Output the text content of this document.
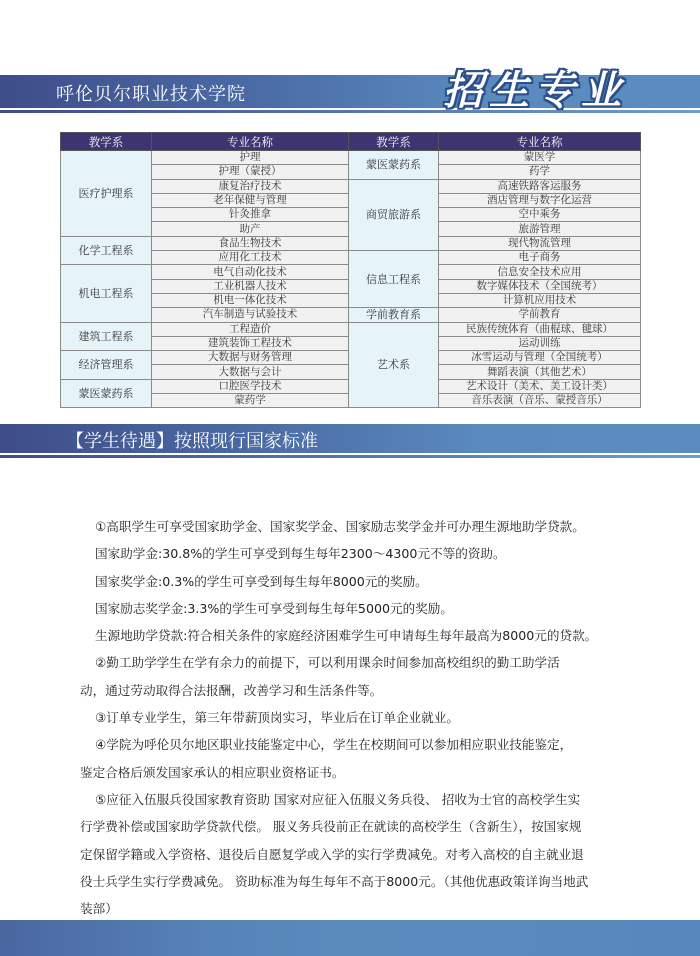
呼伦贝尔职业技术学院	招生专业
教学系	专业名称	教学系	专业名称
医疗护理系	护理	蒙医蒙药系	蒙医学
	护理（蒙授）		药学
	康复治疗技术	商贸旅游系	高速铁路客运服务
	老年保健与管理		酒店管理与数字化运营
	针灸推拿		空中乘务
	助产		旅游管理
化学工程系	食品生物技术		现代物流管理
	应用化工技术	信息工程系	电子商务
机电工程系	电气自动化技术		信息安全技术应用
	工业机器人技术		数字媒体技术（全国统考）
	机电一体化技术		计算机应用技术
	汽车制造与试验技术	学前教育系	学前教育
建筑工程系	工程造价	艺术系	民族传统体育（曲棍球、毽球）
	建筑装饰工程技术		运动训练
经济管理系	大数据与财务管理		冰雪运动与管理（全国统考）
	大数据与会计		舞蹈表演（其他艺术）
蒙医蒙药系	口腔医学技术		艺术设计（美术、美工设计类）
	蒙药学		音乐表演（音乐、蒙授音乐）
【学生待遇】按照现行国家标准
①高职学生可享受国家助学金、国家奖学金、国家励志奖学金并可办理生源地助学贷款。
国家助学金:30.8%的学生可享受到每生每年2300～4300元不等的资助。
国家奖学金:0.3%的学生可享受到每生每年8000元的奖励。
国家励志奖学金:3.3%的学生可享受到每生每年5000元的奖励。
生源地助学贷款:符合相关条件的家庭经济困难学生可申请每生每年最高为8000元的贷款。
②勤工助学学生在学有余力的前提下，可以利用课余时间参加高校组织的勤工助学活
动，通过劳动取得合法报酬，改善学习和生活条件等。
③订单专业学生，第三年带薪顶岗实习，毕业后在订单企业就业。
④学院为呼伦贝尔地区职业技能鉴定中心，学生在校期间可以参加相应职业技能鉴定，
鉴定合格后颁发国家承认的相应职业资格证书。
⑤应征入伍服兵役国家教育资助 国家对应征入伍服义务兵役、 招收为士官的高校学生实
行学费补偿或国家助学贷款代偿。 服义务兵役前正在就读的高校学生（含新生），按国家规
定保留学籍或入学资格、退役后自愿复学或入学的实行学费减免。对考入高校的自主就业退
役士兵学生实行学费减免。 资助标准为每生每年不高于8000元。（其他优惠政策详询当地武
装部）
